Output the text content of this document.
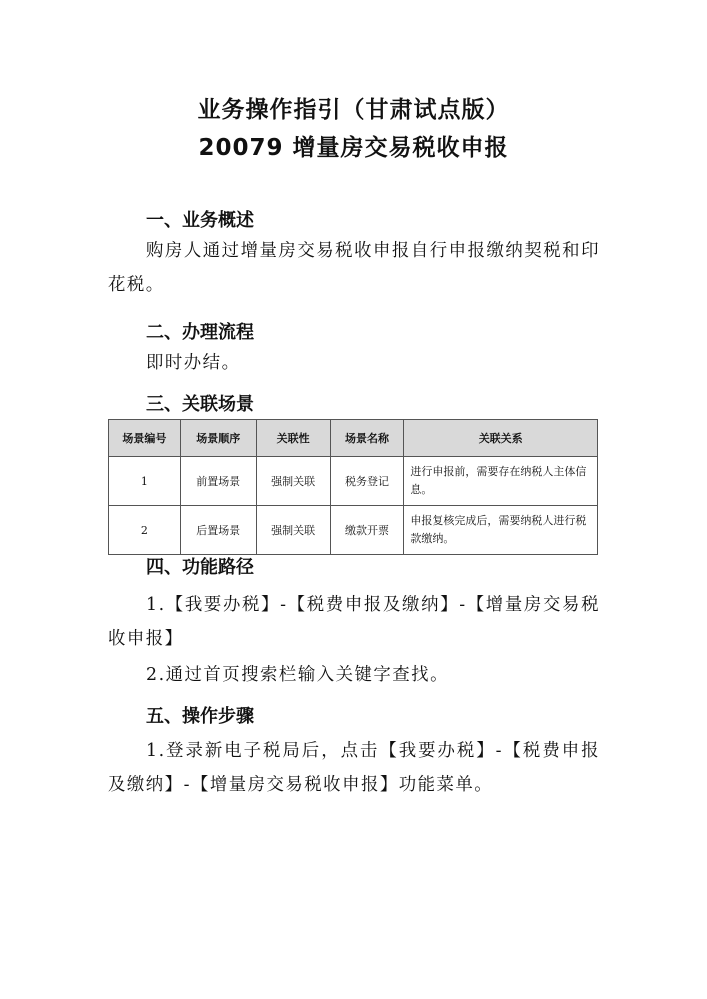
业务操作指引（甘肃试点版）
20079 增量房交易税收申报
一、业务概述

购房人通过增量房交易税收申报自行申报缴纳契税和印花税。

二、办理流程

即时办结。

三、关联场景
场景编号	场景顺序	关联性	场景名称	关联关系
1	前置场景	强制关联	税务登记	进行申报前，需要存在纳税人主体信息。
2	后置场景	强制关联	缴款开票	申报复核完成后，需要纳税人进行税款缴纳。
四、功能路径

1.【我要办税】-【税费申报及缴纳】-【增量房交易税收申报】

2.通过首页搜索栏输入关键字查找。

五、操作步骤

1.登录新电子税局后，点击【我要办税】-【税费申报及缴纳】-【增量房交易税收申报】功能菜单。
